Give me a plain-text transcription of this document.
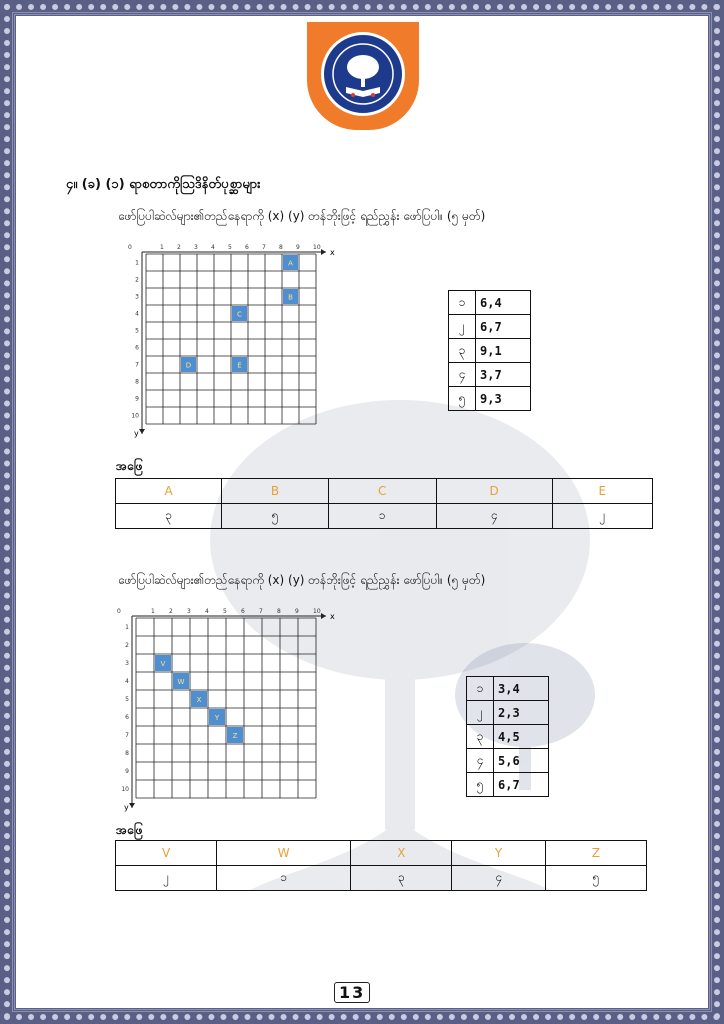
၄။ (ခ) (၁) ရာစတာကိုသြဒိနိတ်ပုစ္ဆာများ
ဖော်ပြပါဆဲလ်များ၏တည်နေရာကို (x) (y) တန်ဘိုးဖြင့် ရည်ညွှန်း ဖော်ပြပါ။ (၅ မှတ်)
A
B
C
D	E
x
y
0	1 2 3 4 5 6 7 8 9 10
1
2
3
4
5
6
7
8
9
10
၁	6,4
၂	6,7
၃	9,1
၄	3,7
၅	9,3
အဖြေ
A	B	C	D	E
၃	၅	၁	၄	၂
ဖော်ပြပါဆဲလ်များ၏တည်နေရာကို (x) (y) တန်ဘိုးဖြင့် ရည်ညွှန်း ဖော်ပြပါ။ (၅ မှတ်)
V
W
X
Y
Z
x
y
0	1 2 3 4 5 6 7 8 9 10
1
2
3
4
5
6
7
8
9
10
၁	3,4
၂	2,3
၃	4,5
၄	5,6
၅	6,7
အဖြေ
V	W	X	Y	Z
၂	၁	၃	၄	၅
13
